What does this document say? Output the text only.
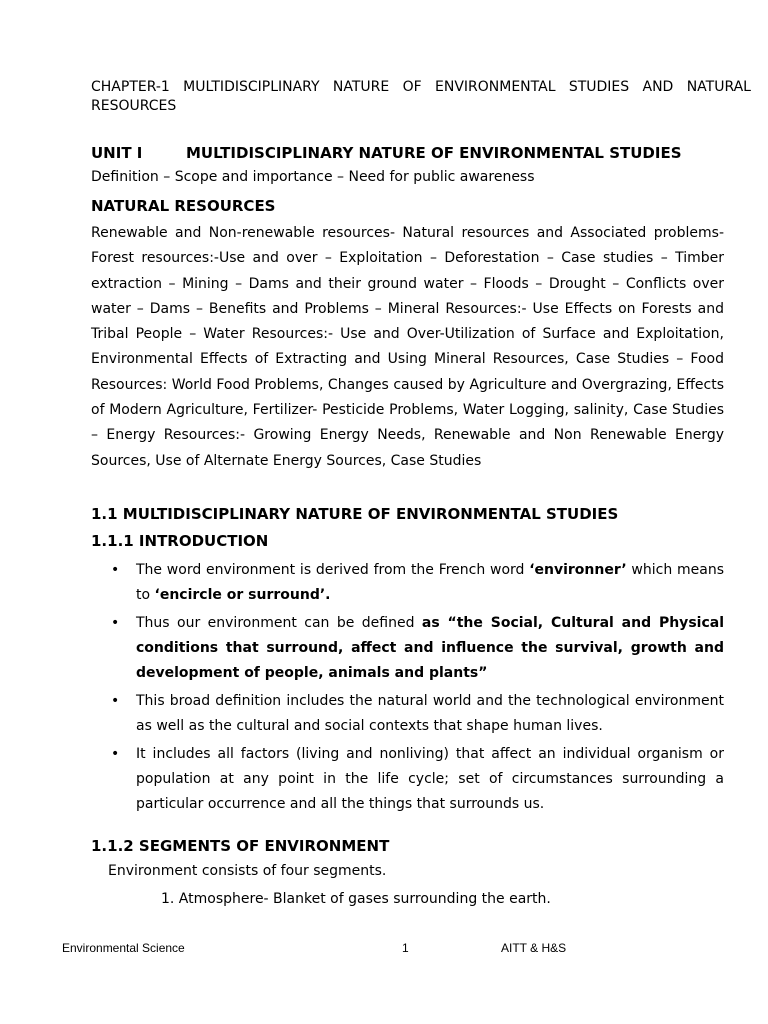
CHAPTER-1 MULTIDISCIPLINARY NATURE OF ENVIRONMENTAL STUDIES AND NATURAL RESOURCES

UNIT I	MULTIDISCIPLINARY NATURE OF ENVIRONMENTAL STUDIES

Definition – Scope and importance – Need for public awareness

NATURAL RESOURCES

Renewable and Non-renewable resources- Natural resources and Associated problems- Forest resources:-Use and over – Exploitation – Deforestation – Case studies – Timber extraction – Mining – Dams and their ground water – Floods – Drought – Conflicts over water – Dams – Benefits and Problems – Mineral Resources:- Use Effects on Forests and Tribal People – Water Resources:- Use and Over-Utilization of Surface and Exploitation, Environmental Effects of Extracting and Using Mineral Resources, Case Studies – Food Resources: World Food Problems, Changes caused by Agriculture and Overgrazing, Effects of Modern Agriculture, Fertilizer- Pesticide Problems, Water Logging, salinity, Case Studies – Energy Resources:- Growing Energy Needs, Renewable and Non Renewable Energy Sources, Use of Alternate Energy Sources, Case Studies

1.1 MULTIDISCIPLINARY NATURE OF ENVIRONMENTAL STUDIES
1.1.1 INTRODUCTION
• The word environment is derived from the French word ‘environner’ which means to ‘encircle or surround’.
• Thus our environment can be defined as “the Social, Cultural and Physical conditions that surround, affect and influence the survival, growth and development of people, animals and plants”
• This broad definition includes the natural world and the technological environment as well as the cultural and social contexts that shape human lives.
• It includes all factors (living and nonliving) that affect an individual organism or population at any point in the life cycle; set of circumstances surrounding a particular occurrence and all the things that surrounds us.
1.1.2 SEGMENTS OF ENVIRONMENT

Environment consists of four segments.

1. Atmosphere- Blanket of gases surrounding the earth.

Environmental Science	1	AITT & H&S
